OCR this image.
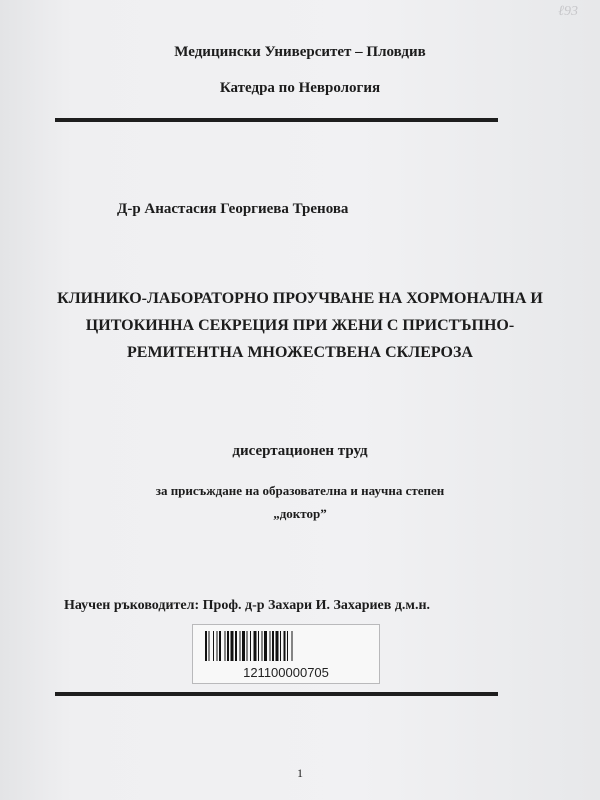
ℓ93
Медицински Университет – Пловдив
Катедра по Неврология
Д-р Анастасия Георгиева Тренова
КЛИНИКО-ЛАБОРАТОРНО ПРОУЧВАНЕ НА ХОРМОНАЛНА И
ЦИТОКИННА СЕКРЕЦИЯ ПРИ ЖЕНИ С ПРИСТЪПНО-
РЕМИТЕНТНА МНОЖЕСТВЕНА СКЛЕРОЗА
дисертационен труд
за присъждане на образователна и научна степен
„доктор”
Научен ръководител: Проф. д-р Захари И. Захариев д.м.н.
121100000705
1
